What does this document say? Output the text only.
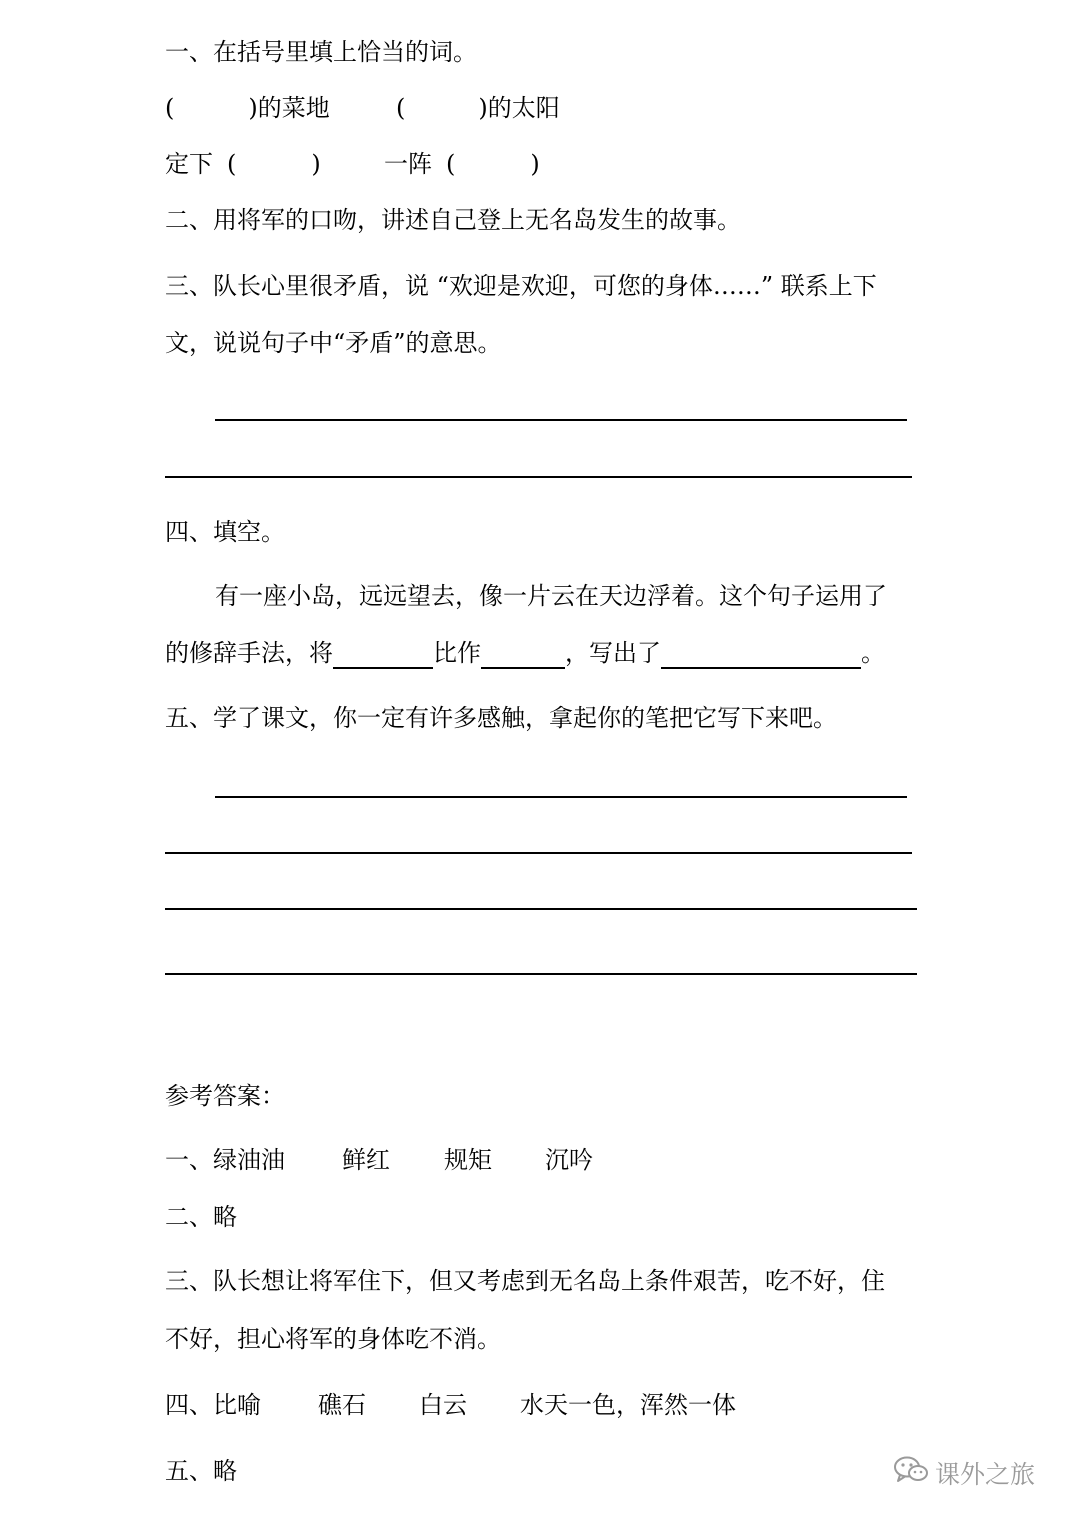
一、在括号里填上恰当的词。
(	)的菜地	(	)的太阳
定下 (	)	一阵 (	)
二、用将军的口吻，讲述自己登上无名岛发生的故事。
三、队长心里很矛盾，说 “欢迎是欢迎，可您的身体……” 联系上下
文，说说句子中“矛盾”的意思。
四、填空。
有一座小岛，远远望去，像一片云在天边浮着。这个句子运用了
的修辞手法，将	比作	，写出了	。
五、学了课文，你一定有许多感触，拿起你的笔把它写下来吧。
参考答案：
一、绿油油 鲜红 规矩 沉吟
二、略
三、队长想让将军住下，但又考虑到无名岛上条件艰苦，吃不好，住
不好，担心将军的身体吃不消。
四、比喻 礁石 白云 水天一色，浑然一体
五、略	课外之旅
